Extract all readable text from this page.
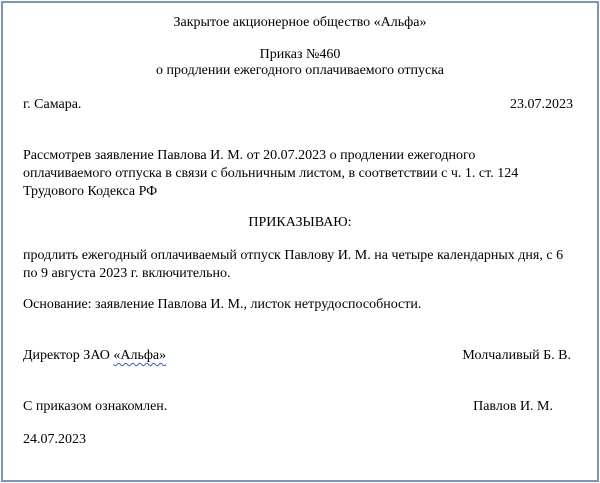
Закрытое акционерное общество «Альфа»
Приказ №460
о продлении ежегодного оплачиваемого отпуска
г. Самара.	23.07.2023
Рассмотрев заявление Павлова И. М. от 20.07.2023 о продлении ежегодного
оплачиваемого отпуска в связи с больничным листом, в соответствии с ч. 1. ст. 124
Трудового Кодекса РФ
ПРИКАЗЫВАЮ:
продлить ежегодный оплачиваемый отпуск Павлову И. М. на четыре календарных дня, с 6
по 9 августа 2023 г. включительно.
Основание: заявление Павлова И. М., листок нетрудоспособности.
Директор ЗАО «Альфа»	Молчаливый Б. В.
С приказом ознакомлен.	Павлов И. М.
24.07.2023
